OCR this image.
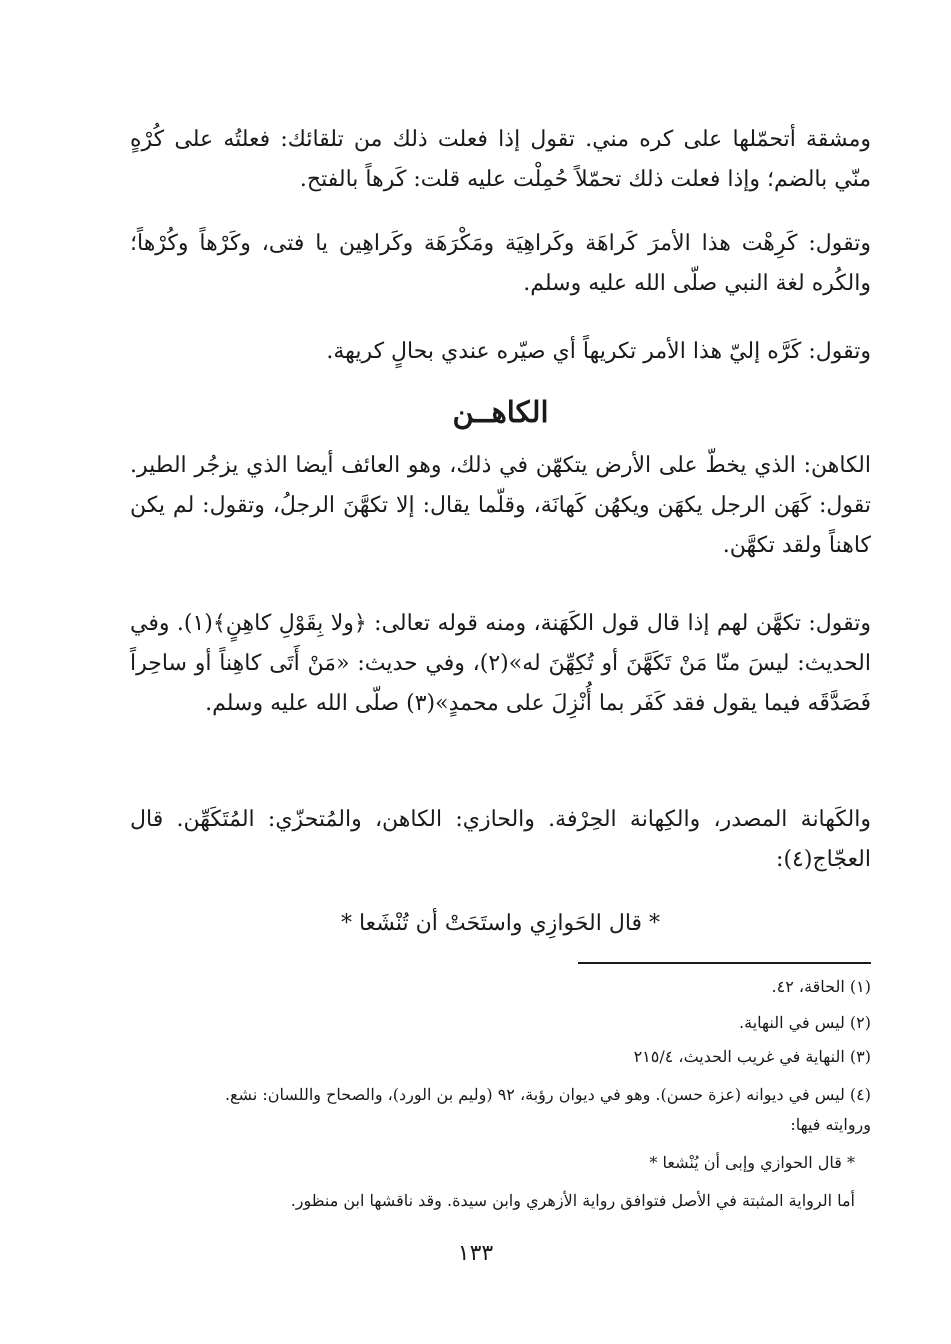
ومشقة أتحمّلها على كره مني. تقول إذا فعلت ذلك من تلقائك: فعلتُه على كُرْهٍ منّي بالضم؛ وإذا فعلت ذلك تحمّلاً حُمِلْت عليه قلت: كَرهاً بالفتح.

وتقول: كَرِهْت هذا الأمرَ كَراهَة وكَراهِيَة ومَكْرَهَة وكَراهِين يا فتى، وكَرْهاً وكُرْهاً؛ والكُره لغة النبي صلّى الله عليه وسلم.

وتقول: كَرَّه إليّ هذا الأمر تكريهاً أي صيّره عندي بحالٍ كريهة.

الكاهــن

الكاهن: الذي يخطّ على الأرض يتكهّن في ذلك، وهو العائف أيضا الذي يزجُر الطير. تقول: كَهَن الرجل يكهَن ويكهُن كَهانَة، وقلّما يقال: إلا تكهَّنَ الرجلُ، وتقول: لم يكن كاهناً ولقد تكهَّن.

وتقول: تكهَّن لهم إذا قال قول الكَهَنة، ومنه قوله تعالى: ﴿ولا بِقَوْلِ كاهِنٍ﴾(١). وفي الحديث: ليسَ منّا مَنْ تَكَهَّنَ أو تُكِهِّنَ له»(٢)، وفي حديث: «مَنْ أَتَى كاهِناً أو ساحِراً فَصَدَّقَه فيما يقول فقد كَفَر بما أُنْزِلَ على محمدٍ»(٣) صلّى الله عليه وسلم.

والكَهانة المصدر، والكِهانة الحِرْفة. والحازي: الكاهن، والمُتحزّي: المُتَكَهِّن. قال العجّاج(٤):

* قال الحَوازِي واستَحَتْ أن تُنْشَعا *
(١) الحاقة، ٤٢.
(٢) ليس في النهاية.
(٣) النهاية في غريب الحديث، ٢١٥/٤
(٤) ليس في ديوانه (عزة حسن). وهو في ديوان رؤبة، ٩٢ (وليم بن الورد)، والصحاح واللسان: نشع.
وروايته فيها:
* قال الحوازي وإبى أن يُنْشعا *
أما الرواية المثبتة في الأصل فتوافق رواية الأزهري وابن سيدة. وقد ناقشها ابن منظور.
١٣٣
